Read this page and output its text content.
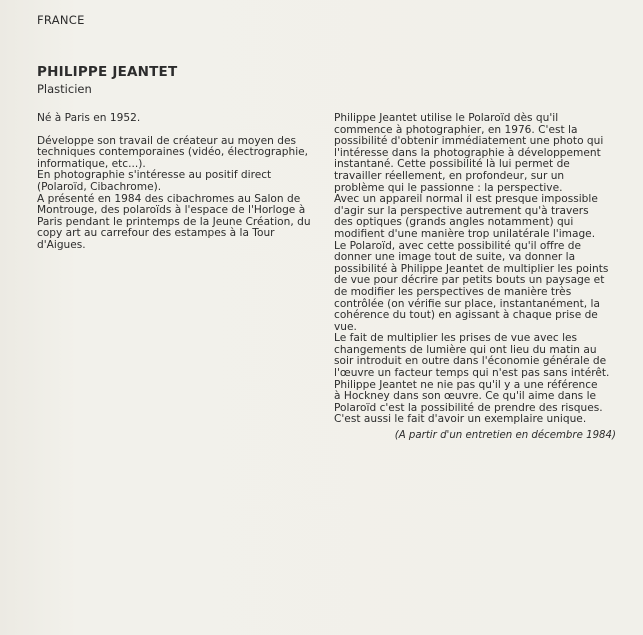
FRANCE
PHILIPPE JEANTET
Plasticien

Né à Paris en 1952.

Développe son travail de créateur au moyen des

techniques contemporaines (vidéo, électrographie,

informatique, etc...).

En photographie s'intéresse au positif direct

(Polaroïd, Cibachrome).

A présenté en 1984 des cibachromes au Salon de

Montrouge, des polaroïds à l'espace de l'Horloge à

Paris pendant le printemps de la Jeune Création, du

copy art au carrefour des estampes à la Tour

d'Aigues.

Philippe Jeantet utilise le Polaroïd dès qu'il

commence à photographier, en 1976. C'est la

possibilité d'obtenir immédiatement une photo qui

l'intéresse dans la photographie à développement

instantané. Cette possibilité là lui permet de

travailler réellement, en profondeur, sur un

problème qui le passionne : la perspective.

Avec un appareil normal il est presque impossible

d'agir sur la perspective autrement qu'à travers

des optiques (grands angles notamment) qui

modifient d'une manière trop unilatérale l'image.

Le Polaroïd, avec cette possibilité qu'il offre de

donner une image tout de suite, va donner la

possibilité à Philippe Jeantet de multiplier les points

de vue pour décrire par petits bouts un paysage et

de modifier les perspectives de manière très

contrôlée (on vérifie sur place, instantanément, la

cohérence du tout) en agissant à chaque prise de

vue.

Le fait de multiplier les prises de vue avec les

changements de lumière qui ont lieu du matin au

soir introduit en outre dans l'économie générale de

l'œuvre un facteur temps qui n'est pas sans intérêt.

Philippe Jeantet ne nie pas qu'il y a une référence

à Hockney dans son œuvre. Ce qu'il aime dans le

Polaroïd c'est la possibilité de prendre des risques.

C'est aussi le fait d'avoir un exemplaire unique.

(A partir d'un entretien en décembre 1984)
